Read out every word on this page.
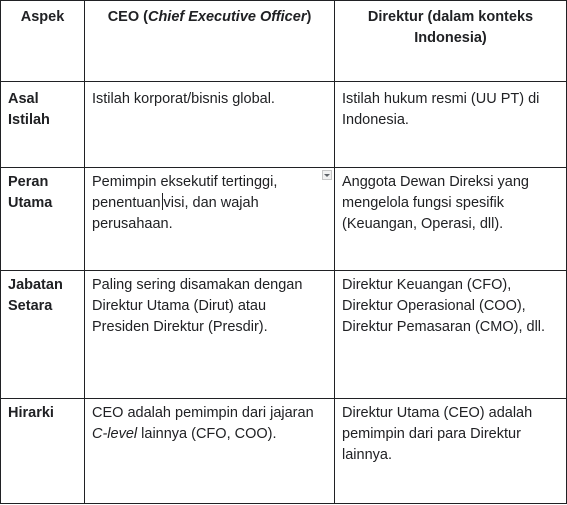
Aspek	CEO (Chief Executive Officer)	Direktur (dalam konteks Indonesia)
Asal Istilah	Istilah korporat/bisnis global.	Istilah hukum resmi (UU PT) di Indonesia.
Peran Utama	Pemimpin eksekutif tertinggi, penentuan visi, dan wajah perusahaan.	Anggota Dewan Direksi yang mengelola fungsi spesifik (Keuangan, Operasi, dll).
Jabatan Setara	Paling sering disamakan dengan Direktur Utama (Dirut) atau Presiden Direktur (Presdir).	Direktur Keuangan (CFO), Direktur Operasional (COO), Direktur Pemasaran (CMO), dll.
Hirarki	CEO adalah pemimpin dari jajaran C-level lainnya (CFO, COO).	Direktur Utama (CEO) adalah pemimpin dari para Direktur lainnya.
